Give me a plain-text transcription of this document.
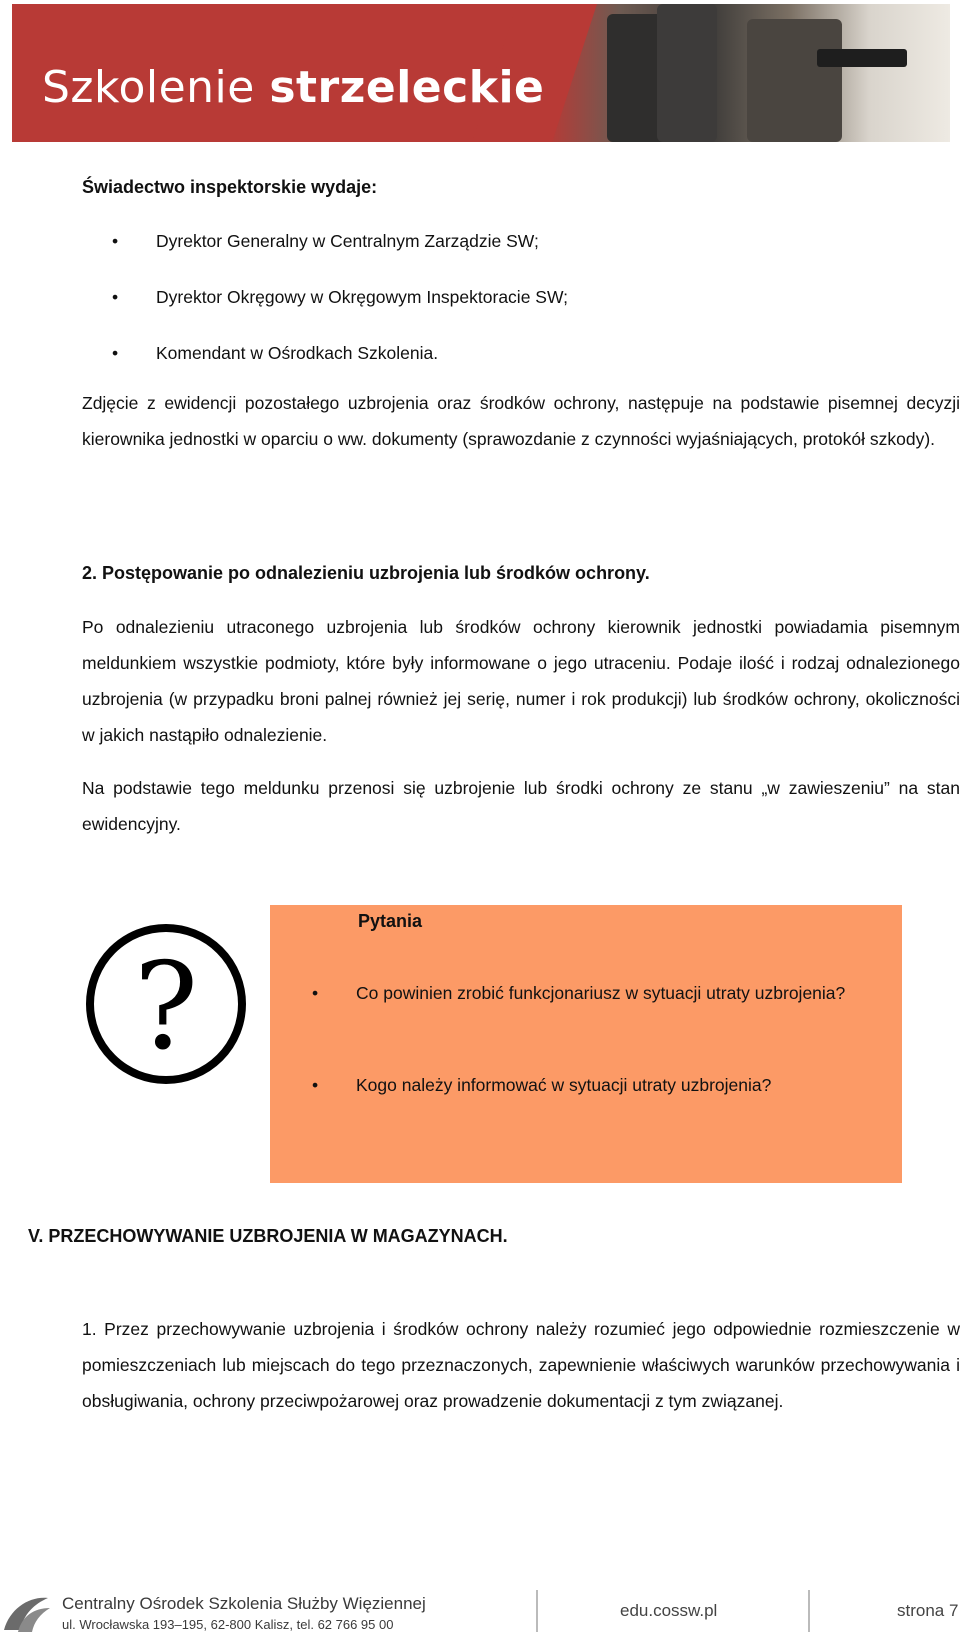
Szkolenie strzeleckie
Świadectwo inspektorskie wydaje:
• Dyrektor Generalny w Centralnym Zarządzie SW;
• Dyrektor Okręgowy w Okręgowym Inspektoracie SW;
• Komendant w Ośrodkach Szkolenia.

Zdjęcie z ewidencji pozostałego uzbrojenia oraz środków ochrony, następuje na podstawie pisemnej decyzji kierownika jednostki w oparciu o ww. dokumenty (sprawozdanie z czynności wyjaśniających, protokół szkody).

2. Postępowanie po odnalezieniu uzbrojenia lub środków ochrony.

Po odnalezieniu utraconego uzbrojenia lub środków ochrony kierownik jednostki powiadamia pisemnym meldunkiem wszystkie podmioty, które były informowane o jego utraceniu. Podaje ilość i rodzaj odnalezionego uzbrojenia (w przypadku broni palnej również jej serię, numer i rok produkcji) lub środków ochrony, okoliczności w jakich nastąpiło odnalezienie.

Na podstawie tego meldunku przenosi się uzbrojenie lub środki ochrony ze stanu „w zawieszeniu” na stan ewidencyjny.

?
Pytania
• Co powinien zrobić funkcjonariusz w sytuacji utraty uzbrojenia?
• Kogo należy informować w sytuacji utraty uzbrojenia?
V. PRZECHOWYWANIE UZBROJENIA W MAGAZYNACH.

1. Przez przechowywanie uzbrojenia i środków ochrony należy rozumieć jego odpowiednie rozmieszczenie w pomieszczeniach lub miejscach do tego przeznaczonych, zapewnienie właściwych warunków przechowywania i obsługiwania, ochrony przeciwpożarowej oraz prowadzenie dokumentacji z tym związanej.

Centralny Ośrodek Szkolenia Służby Więziennej
ul. Wrocławska 193–195, 62-800 Kalisz, tel. 62 766 95 00
edu.cossw.pl	strona 7
